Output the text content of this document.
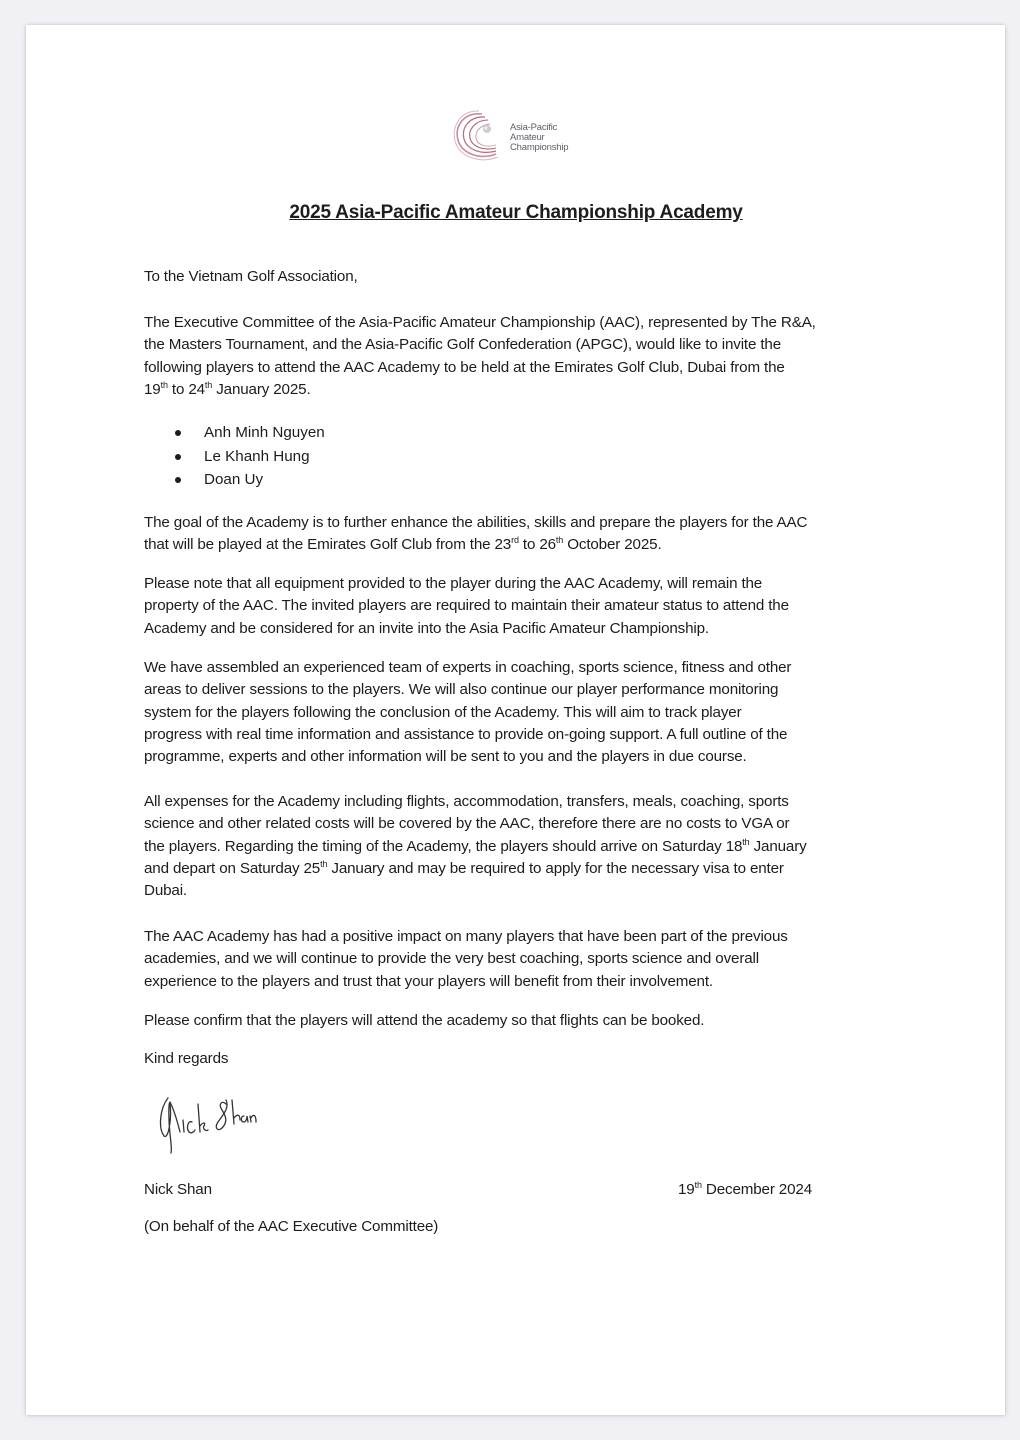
Asia-Pacific
Amateur
Championship
2025 Asia-Pacific Amateur Championship Academy
To the Vietnam Golf Association,
The Executive Committee of the Asia-Pacific Amateur Championship (AAC), represented by The R&A,
the Masters Tournament, and the Asia-Pacific Golf Confederation (APGC), would like to invite the
following players to attend the AAC Academy to be held at the Emirates Golf Club, Dubai from the
19th to 24th January 2025.
Anh Minh Nguyen
Le Khanh Hung
Doan Uy
The goal of the Academy is to further enhance the abilities, skills and prepare the players for the AAC
that will be played at the Emirates Golf Club from the 23rd to 26th October 2025.
Please note that all equipment provided to the player during the AAC Academy, will remain the
property of the AAC. The invited players are required to maintain their amateur status to attend the
Academy and be considered for an invite into the Asia Pacific Amateur Championship.
We have assembled an experienced team of experts in coaching, sports science, fitness and other
areas to deliver sessions to the players. We will also continue our player performance monitoring
system for the players following the conclusion of the Academy. This will aim to track player
progress with real time information and assistance to provide on-going support. A full outline of the
programme, experts and other information will be sent to you and the players in due course.
All expenses for the Academy including flights, accommodation, transfers, meals, coaching, sports
science and other related costs will be covered by the AAC, therefore there are no costs to VGA or
the players. Regarding the timing of the Academy, the players should arrive on Saturday 18th January
and depart on Saturday 25th January and may be required to apply for the necessary visa to enter
Dubai.
The AAC Academy has had a positive impact on many players that have been part of the previous
academies, and we will continue to provide the very best coaching, sports science and overall
experience to the players and trust that your players will benefit from their involvement.
Please confirm that the players will attend the academy so that flights can be booked.
Kind regards
Nick Shan	19th December 2024
(On behalf of the AAC Executive Committee)
